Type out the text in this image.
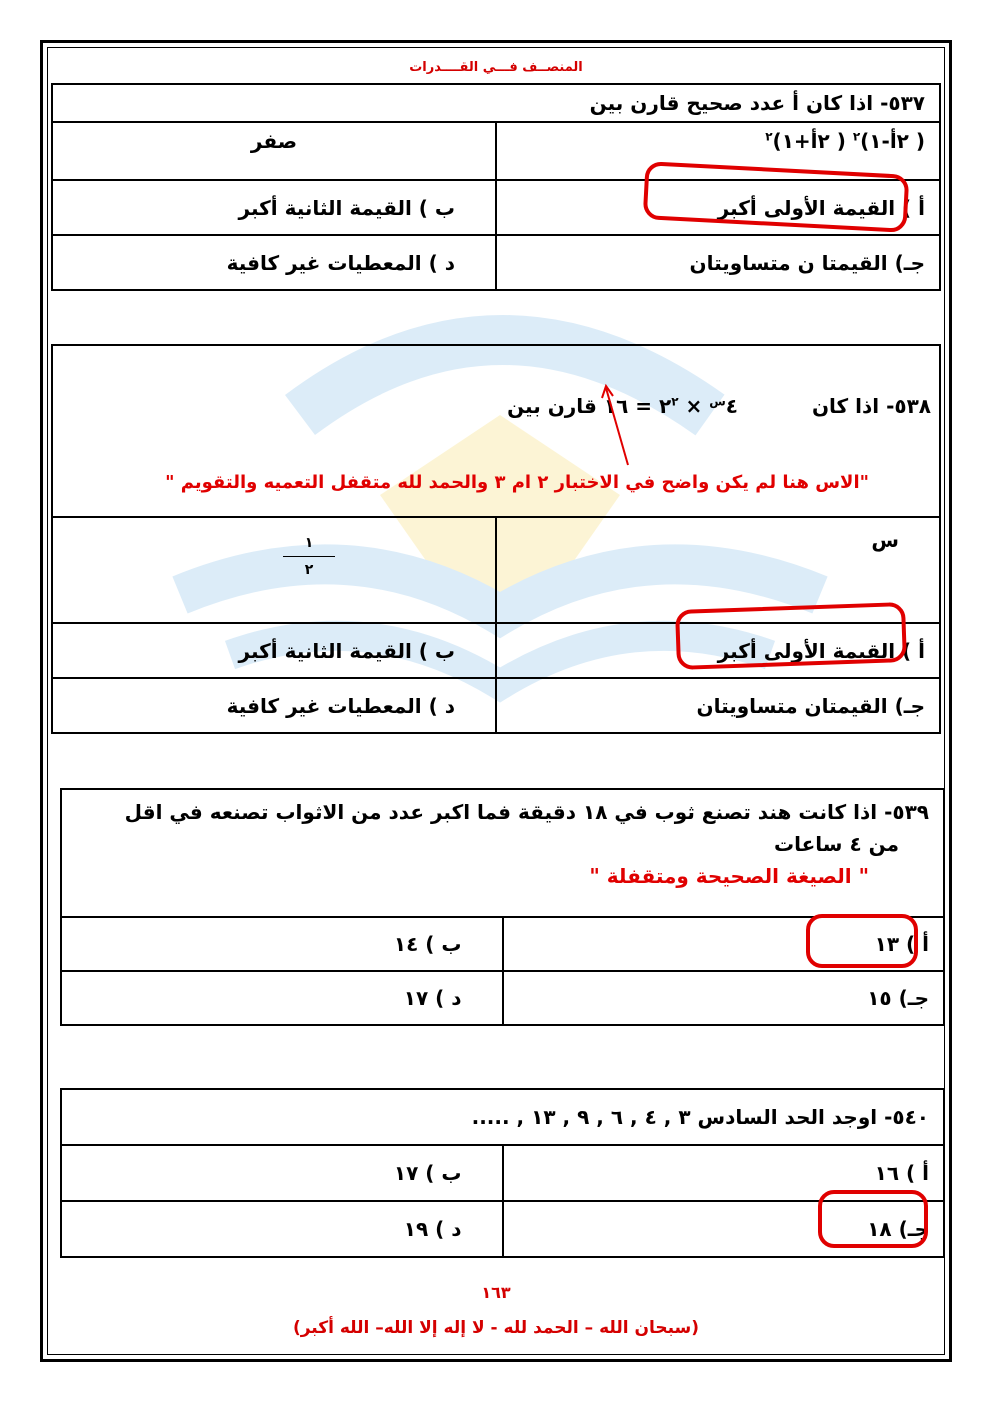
المنصــف فـــي القــــدرات
٥٣٧- اذا كان أ عدد صحيح قارن بين	
( ٢أ-١)$^٢$ ( ٢أ+١)$^٢$	صفر
أ ) القيمة الأولى أكبر	ب ) القيمة الثانية أكبر
جـ) القيمتا ن متساويتان	د ) المعطيات غير كافية
٥٣٨- اذا كان  $٤^س$ × $٢^٢$ = ١٦ قارن بين
"الاس هنا لم يكن واضح في الاختبار ٢ ام ٣ والحمد لله متقفل التعميه والتقويم "	

س	$\frac{١}{٢}$
أ ) القيمة الأولى أكبر	ب ) القيمة الثانية أكبر
جـ) القيمتان متساويتان	د ) المعطيات غير كافية
٥٣٩- اذا كانت هند تصنع ثوب في ١٨ دقيقة فما اكبر عدد من الاثواب تصنعه في اقل
من ٤ ساعات
" الصيغة الصحيحة ومتقفلة "	

أ ) ١٣	ب ) ١٤
جـ) ١٥	د ) ١٧
٥٤٠- اوجد الحد السادس ٣ , ٤ , ٦ , ٩ , ١٣ , .....	
أ ) ١٦	ب ) ١٧
جـ) ١٨	د ) ١٩
١٦٣
(سبحان الله – الحمد لله - لا إله إلا الله– الله أكبر)
